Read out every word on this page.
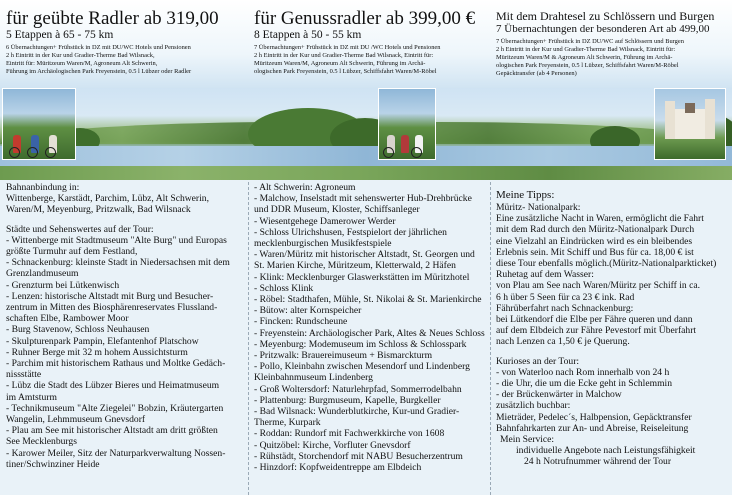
für geübte Radler ab 319,00
5 Etappen à 65 - 75 km
6 Übernachtungen+ Frühstück in DZ mit DU/WC Hotels und Pensionen
2 h Eintritt in der Kur und Gradier-Therme Bad Wilsnack,
Eintritt für: Müritzeum Waren/M, Agroneum Alt Schwerin,
Führung im Archäologischen Park Freyenstein, 0.5 l Lübzer oder Radler
für Genussradler ab 399,00 €
8 Etappen à 50 - 55 km
7 Übernachtungen+ Frühstück in DZ mit DU /WC Hotels und Pensionen
2 h Eintritt in der Kur und Gradier-Therme Bad Wilsnack, Eintritt für:
Müritzeum Waren/M, Agroneum Alt Schwerin, Führung im Archä-
ologischen Park Freyenstein, 0.5 l Lübzer, Schiffsfahrt Waren/M-Röbel
Mit dem Drahtesel zu Schlössern und Burgen
7 Übernachtungen der besonderen Art ab 499,00
7 Übernachtungen+ Frühstück in DZ DU/WC auf Schlössern und Burgen
2 h Eintritt in der Kur und Gradier-Therme Bad Wilsnack, Eintritt für:
Müritzeum Waren/M & Agroneum Alt Schwerin, Führung im Archä-
ologischen Park Freyenstein, 0.5 l Lübzer, Schiffsfahrt Waren/M-Röbel
Gepäcktransfer (ab 4 Personen)
Bahnanbindung in:
Wittenberge, Karstädt, Parchim, Lübz, Alt Schwerin,
Waren/M, Meyenburg, Pritzwalk, Bad Wilsnack
Städte und Sehenswertes auf der Tour:
- Wittenberge mit Stadtmuseum "Alte Burg" und Europas
größte Turmuhr auf dem Festland,
- Schnackenburg: kleinste Stadt in Niedersachsen mit dem
Grenzlandmuseum
- Grenzturm bei Lütkenwisch
- Lenzen: historische Altstadt mit Burg und Besucher-
zentrum in Mitten des Biosphärenreservates Flussland-
schaften Elbe, Rambower Moor
- Burg Stavenow, Schloss Neuhausen
- Skulpturenpark Pampin, Elefantenhof Platschow
- Ruhner Berge mit 32 m hohem Aussichtsturm
- Parchim mit historischem Rathaus und Moltke Gedäch-
nissstätte
- Lübz die Stadt des Lübzer Bieres und Heimatmuseum
im Amtsturm
- Technikmuseum "Alte Ziegelei" Bobzin, Kräutergarten
Wangelin, Lehmmuseum Gnevsdorf
- Plau am See mit historischer Altstadt am dritt größten
See Mecklenburgs
- Karower Meiler, Sitz der Naturparkverwaltung Nossen-
tiner/Schwinziner Heide
- Alt Schwerin: Agroneum
- Malchow, Inselstadt mit sehenswerter Hub-Drehbrücke
und DDR Museum, Kloster, Schiffsanleger
- Wiesentgehege Damerower Werder
- Schloss Ulrichshusen, Festspielort der jährlichen
mecklenburgischen Musikfestspiele
- Waren/Müritz mit historischer Altstadt, St. Georgen und
St. Marien Kirche, Müritzeum, Kletterwald, 2 Häfen
- Klink: Mecklenburger Glaswerkstätten im Müritzhotel
- Schloss Klink
- Röbel: Stadthafen, Mühle, St. Nikolai & St. Marienkirche
- Bütow: alter Kornspeicher
- Fincken: Rundscheune
- Freyenstein: Archäologischer Park, Altes & Neues Schloss
- Meyenburg: Modemuseum im Schloss & Schlosspark
- Pritzwalk: Brauereimuseum + Bismarckturm
- Pollo, Kleinbahn zwischen Mesendorf und Lindenberg
Kleinbahnmuseum Lindenberg
- Groß Woltersdorf: Naturlehrpfad, Sommerrodelbahn
- Plattenburg: Burgmuseum, Kapelle, Burgkeller
- Bad Wilsnack: Wunderblutkirche, Kur-und Gradier-
Therme, Kurpark
- Roddan: Rundorf mit Fachwerkkirche von 1608
- Quitzöbel: Kirche, Vorfluter Gnevsdorf
- Rühstädt, Storchendorf mit NABU Besucherzentrum
- Hinzdorf: Kopfweidentreppe am Elbdeich
Meine Tipps:
Müritz- Nationalpark:
Eine zusätzliche Nacht in Waren, ermöglicht die Fahrt
mit dem Rad durch den Müritz-Nationalpark Durch
eine Vielzahl an Eindrücken wird es ein bleibendes
Erlebnis sein. Mit Schiff und Bus für ca. 18,00 € ist
diese Tour ebenfalls möglich.(Müritz-Nationalparkticket)
Ruhetag auf dem Wasser:
von Plau am See nach Waren/Müritz per Schiff in ca.
6 h über 5 Seen für ca 23 € ink. Rad
Fährüberfahrt nach Schnackenburg:
bei Lütkendorf die Elbe per Fähre queren und dann
auf dem Elbdeich zur Fähre Pevestorf mit Überfahrt
nach Lenzen ca 1,50 € je Querung.
Kurioses an der Tour:
- von Waterloo nach Rom innerhalb von 24 h
- die Uhr, die um die Ecke geht in Schlemmin
- der Brückenwärter in Malchow
zusätzlich buchbar:
Mieträder, Pedelec´s, Halbpension, Gepäcktransfer
Bahnfahrkarten zur An- und Abreise, Reiseleitung
Mein Service:
individuelle Angebote nach Leistungsfähigkeit
24 h Notrufnummer während der Tour
